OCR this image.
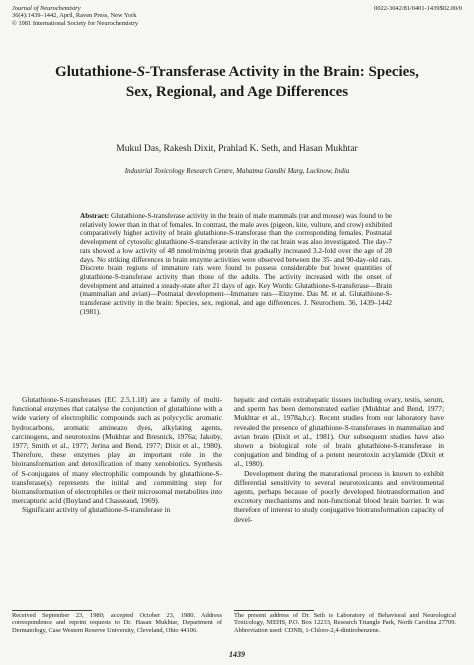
Journal of Neurochemistry
36(4):1439–1442, April, Raven Press, New York
© 1981 International Society for Neurochemistry
0022-3042/81/0401-1439$02.00/0
Glutathione-S-Transferase Activity in the Brain: Species,
Sex, Regional, and Age Differences
Mukul Das, Rakesh Dixit, Prahlad K. Seth, and Hasan Mukhtar
Industrial Toxicology Research Centre, Mahatma Gandhi Marg, Lucknow, India
Abstract: Glutathione-S-transferase activity in the brain of male mammals (rat and mouse) was found to be relatively lower than in that of females. In contrast, the male aves (pigeon, kite, vulture, and crow) exhibited comparatively higher activity of brain glutathione-S-transferase than the corresponding females. Postnatal development of cytosolic glutathione-S-transferase activity in the rat brain was also investigated. The day-7 rats showed a low activity of 48 nmol/min/mg protein that gradually increased 3.2-fold over the age of 28 days. No striking differences in brain enzyme activities were observed between the 35- and 90-day-old rats. Discrete brain regions of immature rats were found to possess considerable but lower quantities of glutathione-S-transferase activity than those of the adults. The activity increased with the onset of development and attained a steady-state after 21 days of age. Key Words: Glutathione-S-transferase—Brain (mammalian and avian)—Postnatal development—Immature rats—Enzyme. Das M. et al. Glutathione-S-transferase activity in the brain: Species, sex, regional, and age differences. J. Neurochem. 36, 1439–1442 (1981).

Glutathione-S-transferases (EC 2.5.1.18) are a family of multi-functional enzymes that catalyse the conjunction of glutathione with a wide variety of electrophilic compounds such as polycyclic aromatic hydrocarbons, aromatic amineazo dyes, alkylating agents, carcinogens, and neurotoxins (Mukhtar and Bresnick, 1976a; Jakoby, 1977; Smith et al., 1977; Jerina and Bend, 1977; Dixit et al., 1980). Therefore, these enzymes play an important role in the biotransformation and detoxification of many xenobiotics. Synthesis of S-conjugates of many electrophilic compounds by glutathione-S-transferase(s) represents the initial and committing step for biotransformation of electrophiles or their microsomal metabolites into mercapturic acid (Boyland and Chasseaud, 1969).

Significant activity of glutathione-S-transferase in

hepatic and certain extrahepatic tissues including ovary, testis, serum, and sperm has been demonstrated earlier (Mukhtar and Bend, 1977; Mukhtar et al., 1978a,b,c). Recent studies from our laboratory have revealed the presence of glutathione-S-transferases in mammalian and avian brain (Dixit et al., 1981). Our subsequent studies have also shown a biological role of brain glutathione-S-transferase in conjugation and binding of a potent neurotoxin acrylamide (Dixit et al., 1980).

Development during the maturational process is known to exhibit differential sensitivity to several neurotoxicants and environmental agents, perhaps because of poorly developed biotransformation and excretory mechanisms and non-functional blood brain barrier. It was therefore of interest to study conjugative biotransformation capacity of devel-

Received September 23, 1980; accepted October 23, 1980. Address correspondence and reprint requests to Dr. Hasan Mukhtar, Department of Dermatology, Case Western Reserve University, Cleveland, Ohio 44106.
The present address of Dr. Seth is Laboratory of Behavioral and Neurological Toxicology, NIEHS, P.O. Box 12233, Research Triangle Park, North Carolina 27709. Abbreviation used: CDNB, 1-Chloro-2,4-dinitrobenzene.
1439
